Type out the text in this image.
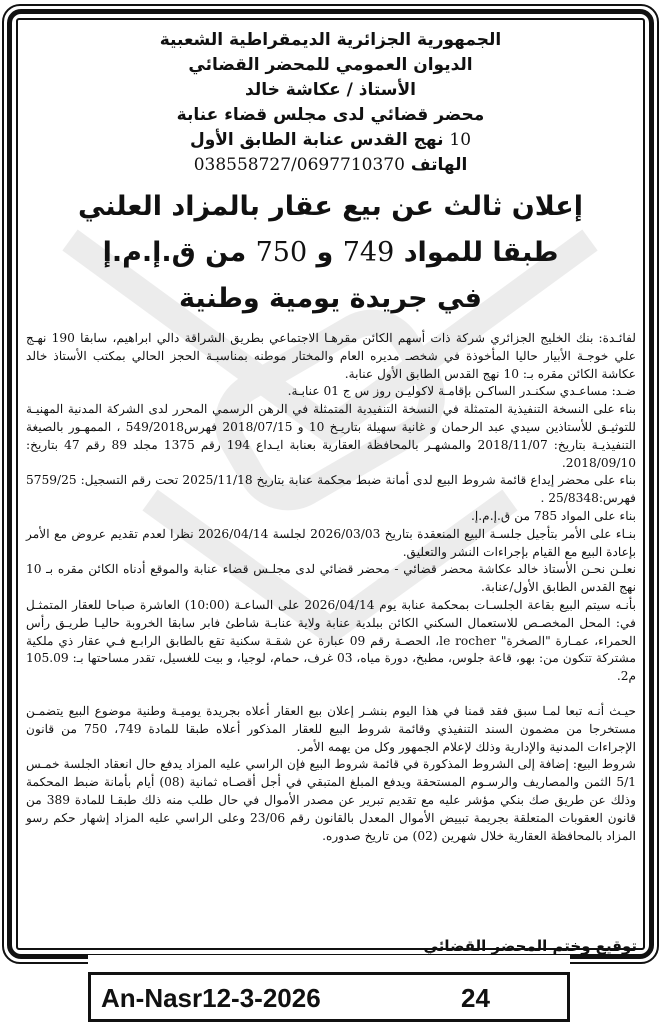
الجمهورية الجزائرية الديمقراطية الشعبية

الديوان العمومي للمحضر القضائي

الأستاذ / عكاشة خالد

محضر قضائي لدى مجلس قضاء عنابة

10 نهج القدس عنابة الطابق الأول

الهاتف 038558727/0697710370

إعلان ثالث عن بيع عقار بالمزاد العلني

طبقا للمواد 749 و 750 من ق.إ.م.إ

في جريدة يومية وطنية

لفائـدة: بنك الخليج الجزائري شركة ذات أسهم الكائن مقرهـا الاجتماعي بطريق الشراقة دالي ابراهيم، سابقا 190 نهـج علي خوجـة الأبيار حاليا المأخوذة في شخصـ مديره العام والمختار موطنه بمناسبـة الحجز الحالي بمكتب الأستاذ خالد عكاشة الكائن مقره بـ: 10 نهج القدس الطابق الأول عنابة.

ضـد: مساعـدي سكنـدر الساكـن بإقامـة لاكوليـن روز س ج 01 عنابـة.

بناء على النسخة التنفيذية المتمثلة في النسخة التنفيدية المتمثلة في الرهن الرسمي المحرر لدى الشركة المدنية المهنيـة للتوثيـق للأستاذين سيدي عبد الرحمان و غانية سهيلة بتاريـخ 10 و 2018/07/15 فهرس549/2018 ، الممهـور بالصيغة التنفيذيـة بتاريخ: 2018/11/07 والمشهـر بالمحافظة العقارية بعنابة ايـداع 194 رقم 1375 مجلد 89 رقم 47 بتاريخ: 2018/09/10.

بناء على محضر إيداع قائمة شروط البيع لدى أمانة ضبط محكمة عنابة بتاريخ 2025/11/18 تحت رقم التسجيل: 5759/25 فهرس:25/8348 .

بناء على المواد 785 من ق.إ.م.إ.

بنـاء على الأمر بتأجيل جلسـة البيع المنعقدة بتاريخ 2026/03/03 لجلسة 2026/04/14 نظرا لعدم تقديم عروض مع الأمر بإعادة البيع مع القيام بإجراءات النشر والتعليق.

نعلـن نحـن الأستاذ خالد عكاشة محضر قضائي - محضر قضائي لدى مجلـس قضاء عنابة والموقع أدناه الكائن مقره بـ 10 نهج القدس الطابق الأول/عنابة.

بأنـه سيتم البيع بقاعة الجلسـات بمحكمة عنابة يوم 2026/04/14 على الساعـة (10:00) العاشرة صباحا للعقار المتمثـل في: المحل المخصـص للاستعمال السكني الكائن ببلدية عنابة ولاية عنابـة شاطئ فابر سابقا الخروبة حاليـا طريـق رأس الحمراء، عمـارة "الصخرة" le rocher، الحصـة رقم 09 عبارة عن شقـة سكنية تقع بالطابق الرابـع فـي عقار ذي ملكية مشتركة تتكون من: بهو، قاعة جلوس، مطبخ، دورة مياه، 03 غرف، حمام، لوجيا، و بيت للغسيل، تقدر مساحتها بـ: 105.09 م2.

حيـث أنـه تبعا لمـا سبق فقد قمنا في هذا اليوم بنشـر إعلان بيع العقار أعلاه بجريدة يوميـة وطنية موضوع البيع يتضمـن مستخرجا من مضمون السند التنفيذي وقائمة شروط البيع للعقار المذكور أعلاه طبقا للمادة 749، 750 من قانون الإجراءات المدنية والإدارية وذلك لإعلام الجمهور وكل من يهمه الأمر.

شروط البيع: إضافة إلى الشروط المذكورة في قائمة شروط البيع فإن الراسي عليه المزاد يدفع حال انعقاد الجلسة خمـس 5/1 الثمن والمصاريف والرسـوم المستحقة ويدفع المبلغ المتبقي في أجل أقصـاه ثمانية (08) أيام بأمانة ضبط المحكمة وذلك عن طريق صك بنكي مؤشر عليه مع تقديم تبرير عن مصدر الأموال في حال طلب منه ذلك طبقـا للمادة 389 من قانون العقوبات المتعلقة بجريمة تبييض الأموال المعدل بالقانون رقم 23/06 وعلى الراسي عليه المزاد إشهار حكم رسو المزاد بالمحافظة العقارية خلال شهرين (02) من تاريخ صدوره.

توقيع وختم المحضر القضائي
An-Nasr12-3-2026	24
